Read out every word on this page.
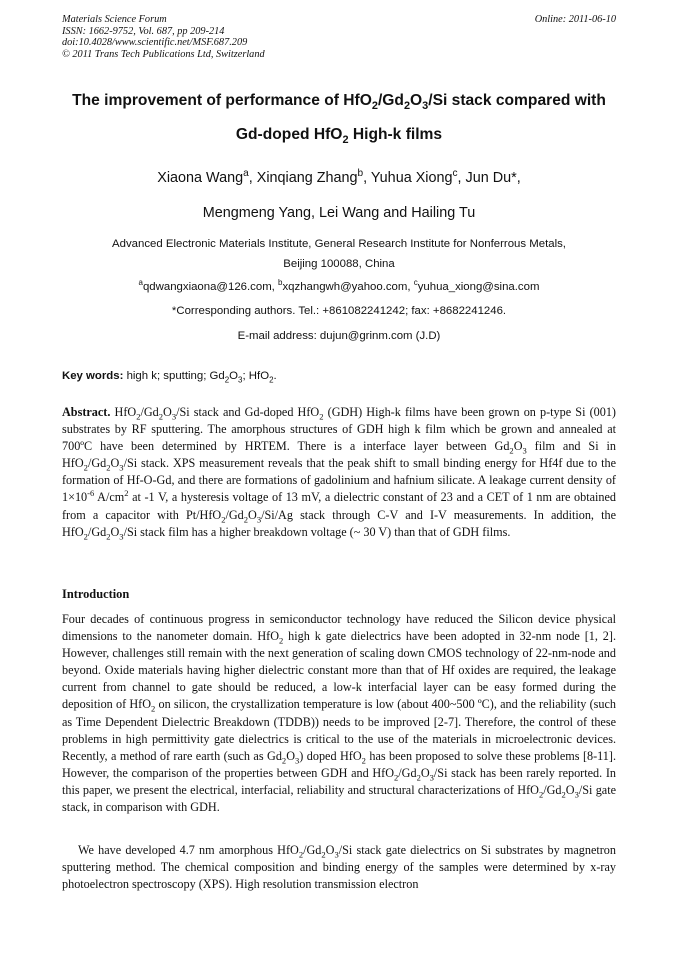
Materials Science Forum
ISSN: 1662-9752, Vol. 687, pp 209-214
doi:10.4028/www.scientific.net/MSF.687.209
© 2011 Trans Tech Publications Ltd, Switzerland
Online: 2011-06-10
The improvement of performance of $HfO_2/Gd_2O_3/Si$ stack compared with
Gd-doped HfO$_2$ High-k films
Xiaona Wang$^a$, Xinqiang Zhang$^b$, Yuhua Xiong$^c$, Jun Du*,
Mengmeng Yang, Lei Wang and Hailing Tu
Advanced Electronic Materials Institute, General Research Institute for Nonferrous Metals,
Beijing 100088, China
$^a$qdwangxiaona@126.com, $^b$xqzhangwh@yahoo.com, $^c$yuhua_xiong@sina.com
*Corresponding authors. Tel.: +861082241242; fax: +8682241246.
E-mail address: dujun@grinm.com (J.D)
Key words: high k; sputting; $Gd_2O_3$; HfO$_2$.

Abstract. $HfO_2/Gd_2O_3/Si$ stack and Gd-doped HfO$_2$ (GDH) High-k films have been grown on p-type Si (001) substrates by RF sputtering. The amorphous structures of GDH high k film which be grown and annealed at 700ºC have been determined by HRTEM. There is a interface layer between $Gd_2O_3$ film and Si in $HfO_2/Gd_2O_3/Si$ stack. XPS measurement reveals that the peak shift to small binding energy for Hf4f due to the formation of Hf-O-Gd, and there are formations of gadolinium and hafnium silicate. A leakage current density of $1\times 10^{-6}$ $A/cm^2$ at -1 V, a hysteresis voltage of 13 mV, a dielectric constant of 23 and a CET of 1 nm are obtained from a capacitor with $Pt/HfO_2/Gd_2O_3/Si/Ag$ stack through C-V and I-V measurements. In addition, the $HfO_2/Gd_2O_3/Si$ stack film has a higher breakdown voltage (~ 30 V) than that of GDH films.

Introduction

Four decades of continuous progress in semiconductor technology have reduced the Silicon device physical dimensions to the nanometer domain. HfO$_2$ high k gate dielectrics have been adopted in 32-nm node [1, 2]. However, challenges still remain with the next generation of scaling down CMOS technology of 22-nm-node and beyond. Oxide materials having higher dielectric constant more than that of Hf oxides are required, the leakage current from channel to gate should be reduced, a low-k interfacial layer can be easy formed during the deposition of HfO$_2$ on silicon, the crystallization temperature is low (about 400~500 ºC), and the reliability (such as Time Dependent Dielectric Breakdown (TDDB)) needs to be improved [2-7]. Therefore, the control of these problems in high permittivity gate dielectrics is critical to the use of the materials in microelectronic devices. Recently, a method of rare earth (such as $Gd_2O_3$) doped HfO$_2$ has been proposed to solve these problems [8-11]. However, the comparison of the properties between GDH and $HfO_2/Gd_2O_3/Si$ stack has been rarely reported. In this paper, we present the electrical, interfacial, reliability and structural characterizations of $HfO_2/Gd_2O_3/Si$ gate stack, in comparison with GDH.

We have developed 4.7 nm amorphous $HfO_2/Gd_2O_3/Si$ stack gate dielectrics on Si substrates by magnetron sputtering method. The chemical composition and binding energy of the samples were determined by x-ray photoelectron spectroscopy (XPS). High resolution transmission electron
